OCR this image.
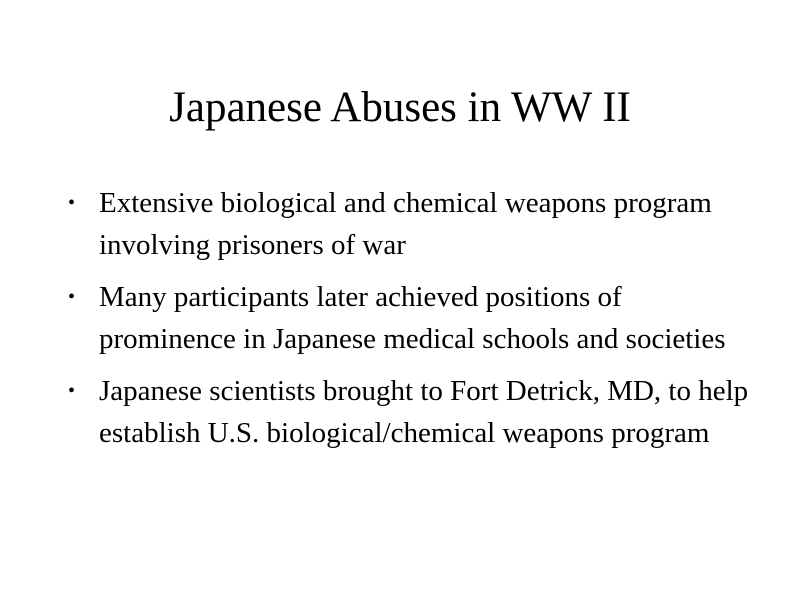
Japanese Abuses in WW II
• Extensive biological and chemical weapons program involving prisoners of war
• Many participants later achieved positions of prominence in Japanese medical schools and societies
• Japanese scientists brought to Fort Detrick, MD, to help establish U.S. biological/chemical weapons program
